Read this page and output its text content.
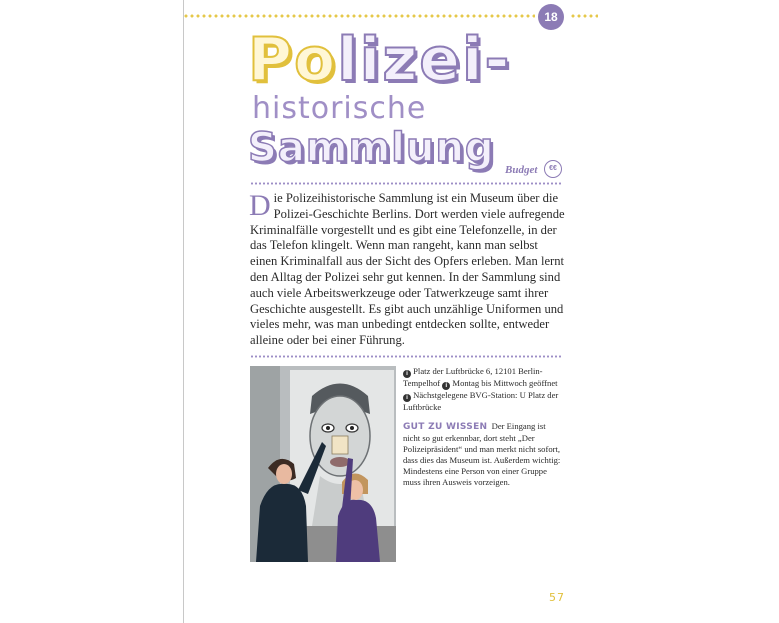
18
Polizei-
historische
Sammlung Budget	€€

Die Polizeihistorische Sammlung ist ein Museum über die Polizei-Geschichte Berlins. Dort werden viele aufregende Kriminalfälle vorgestellt und es gibt eine Telefonzelle, in der das Telefon klingelt. Wenn man rangeht, kann man selbst einen Kriminalfall aus der Sicht des Opfers erleben. Man lernt den Alltag der Polizei sehr gut kennen. In der Sammlung sind auch viele Arbeitswerkzeuge oder Tatwerkzeuge samt ihrer Geschichte ausgestellt. Es gibt auch unzählige Uniformen und vieles mehr, was man unbedingt entdecken sollte, entweder alleine oder bei einer Führung.

i Platz der Luftbrücke 6, 12101 Berlin-Tempelhof i Montag bis Mittwoch geöffnet i Nächstgelegene BVG-Station: U Platz der Luftbrücke

GUT ZU WISSEN Der Eingang ist nicht so gut erkennbar, dort steht „Der Polizeipräsident“ und man merkt nicht sofort, dass dies das Museum ist. Außerdem wichtig: Mindestens eine Person von einer Gruppe muss ihren Ausweis vorzeigen.

57
